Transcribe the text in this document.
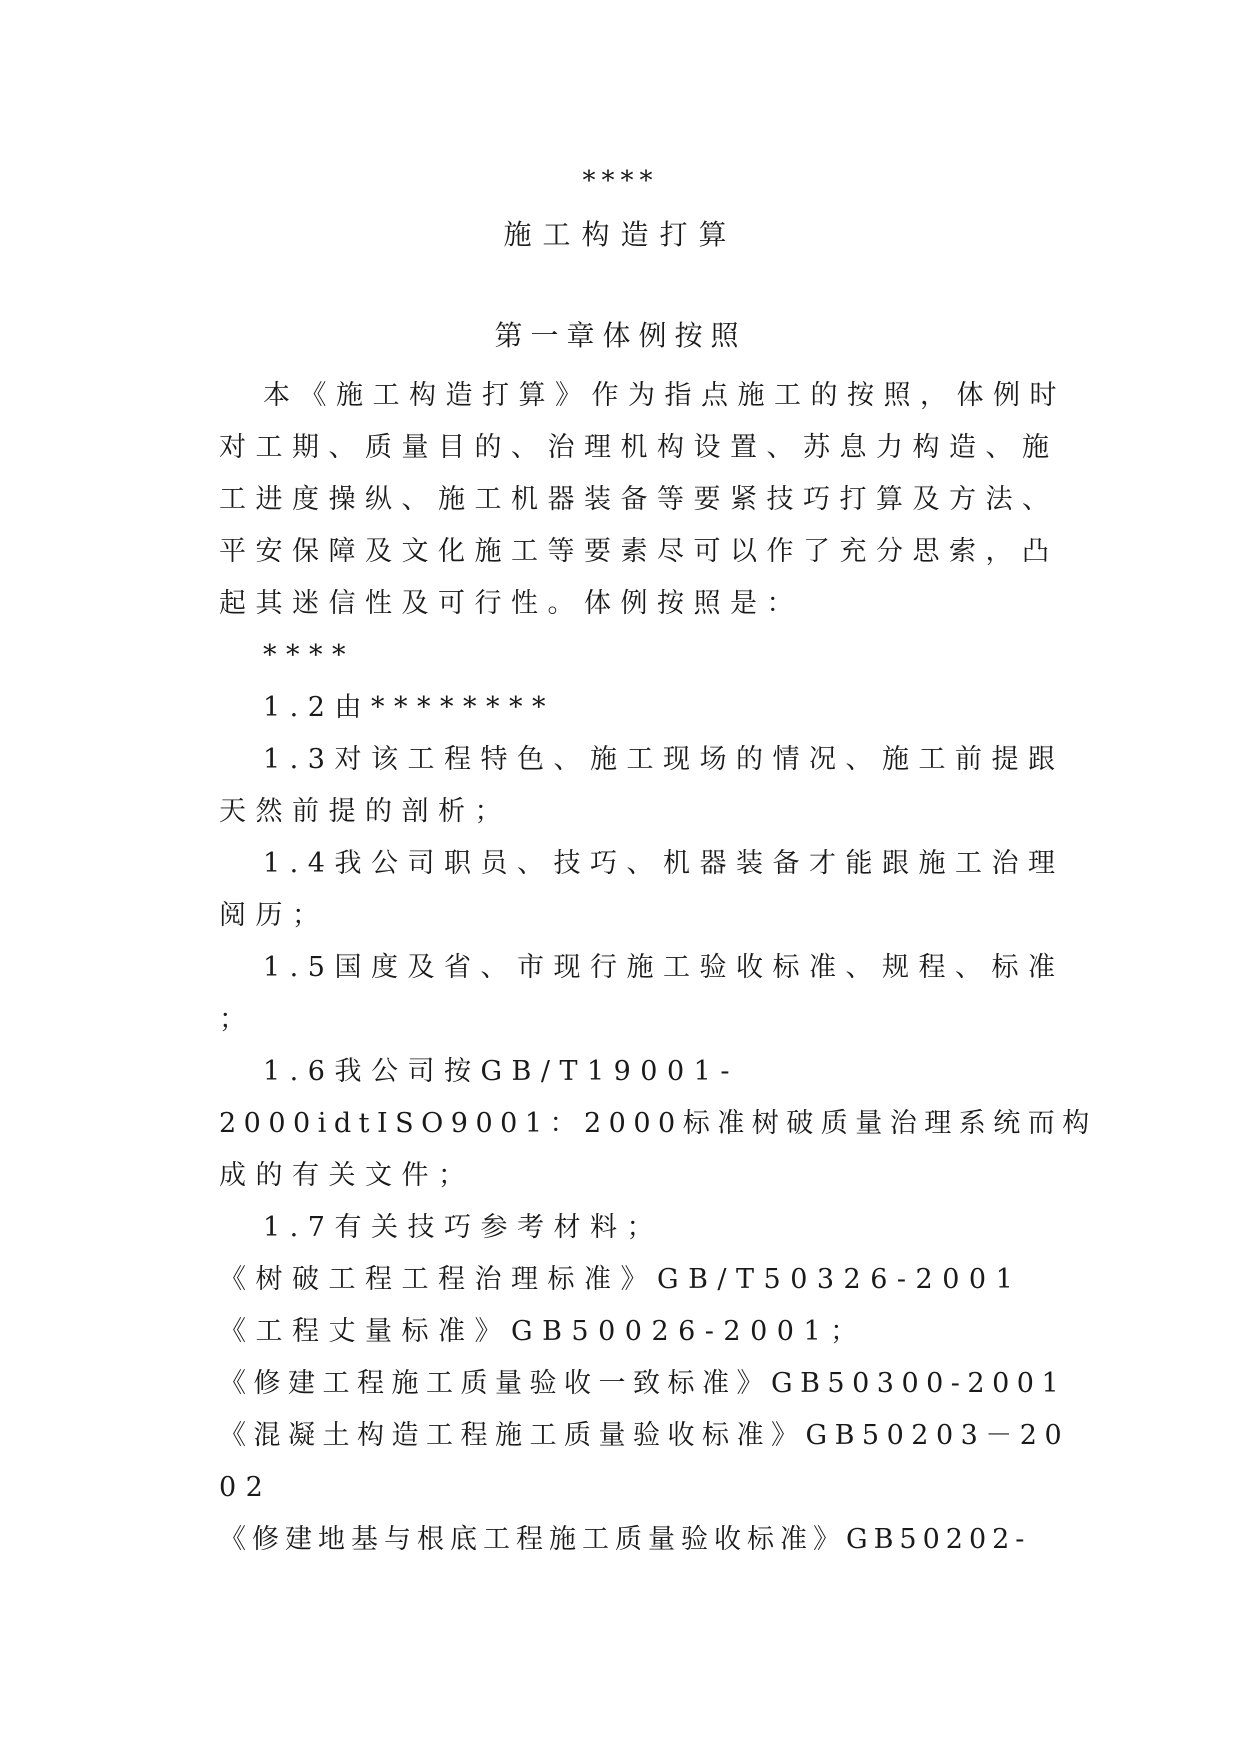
****
施工构造打算
第一章体例按照
本《施工构造打算》作为指点施工的按照，体例时
对工期、质量目的、治理机构设置、苏息力构造、施
工进度操纵、施工机器装备等要紧技巧打算及方法、
平安保障及文化施工等要素尽可以作了充分思索，凸
起其迷信性及可行性。体例按照是：
****
1.2由********
1.3对该工程特色、施工现场的情况、施工前提跟
天然前提的剖析；
1.4我公司职员、技巧、机器装备才能跟施工治理
阅历；
1.5国度及省、市现行施工验收标准、规程、标准
；
1.6我公司按GB/T19001-
2000idtISO9001：2000标准树破质量治理系统而构
成的有关文件；
1.7有关技巧参考材料；
《树破工程工程治理标准》GB/T50326-2001
《工程丈量标准》GB50026-2001；
《修建工程施工质量验收一致标准》GB50300-2001
《混凝土构造工程施工质量验收标准》GB50203－20
02
《修建地基与根底工程施工质量验收标准》GB50202-
